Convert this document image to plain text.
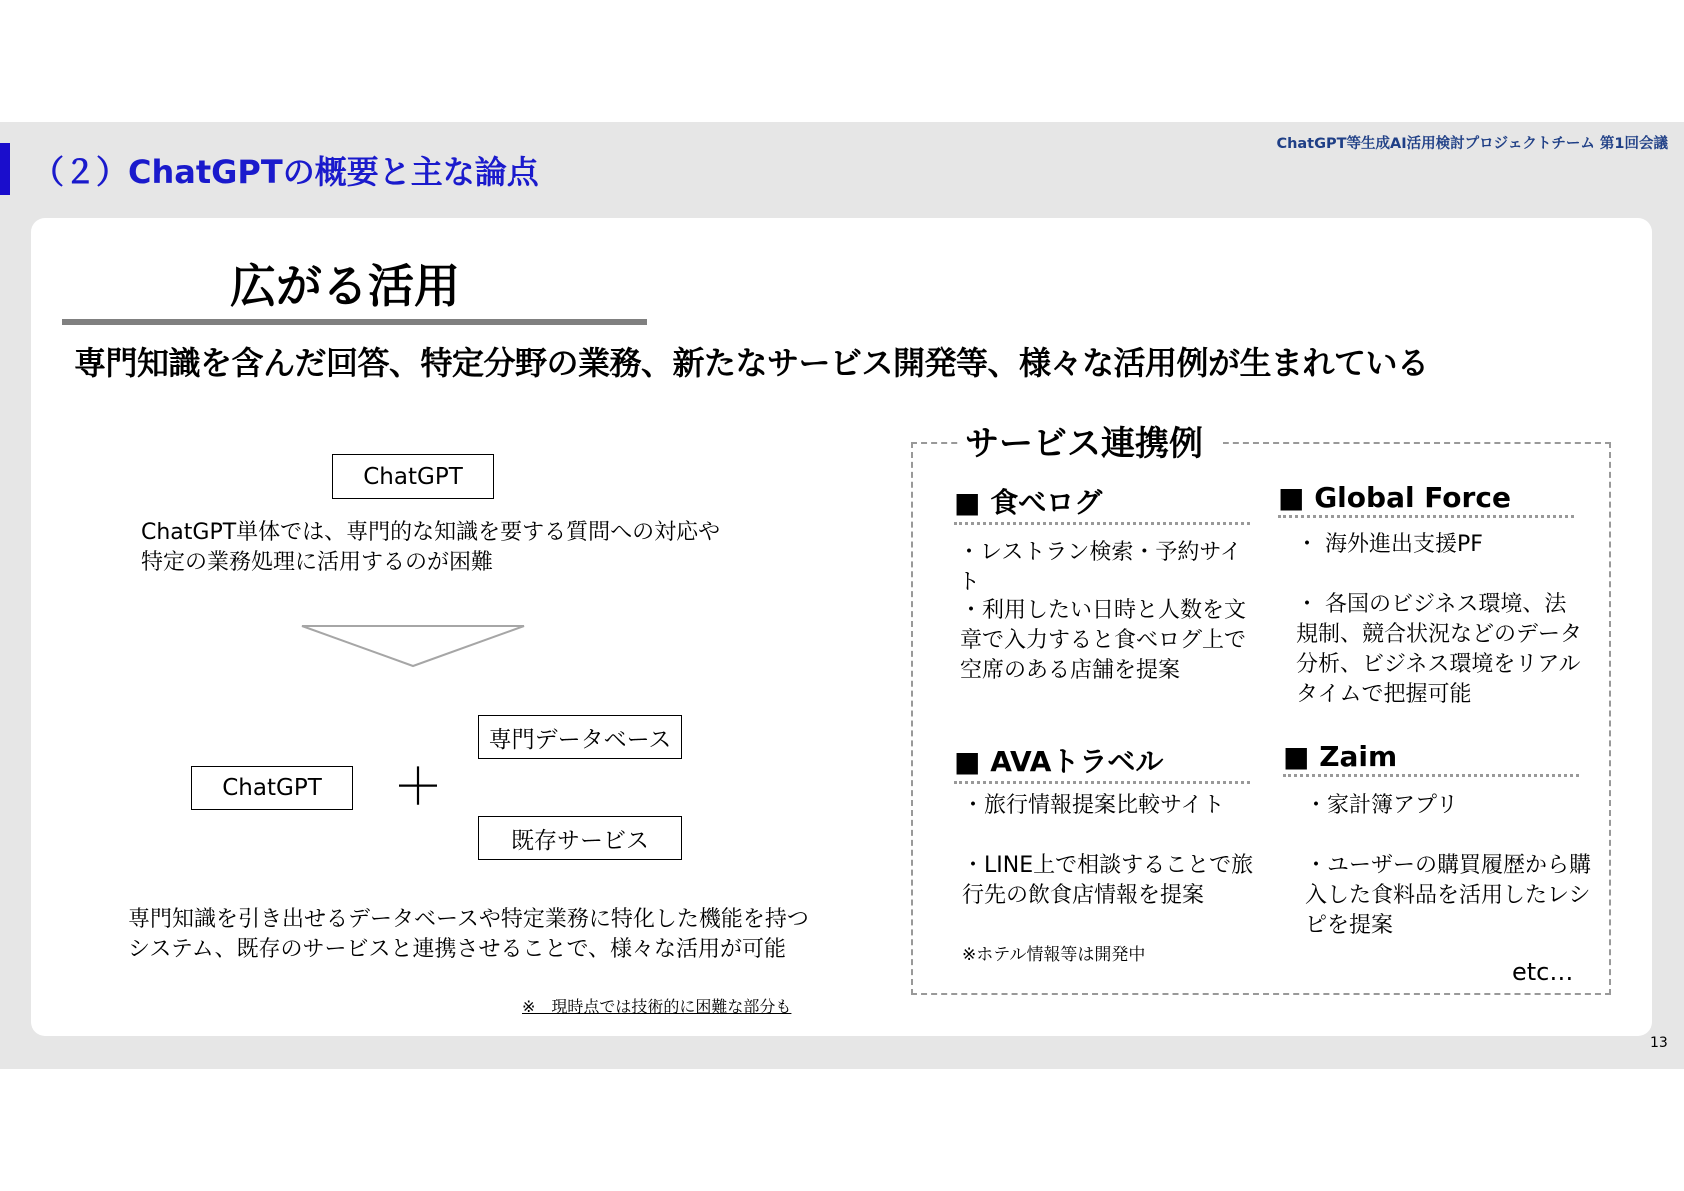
（２）ChatGPTの概要と主な論点
ChatGPT等生成AI活用検討プロジェクトチーム 第1回会議
広がる活用
専門知識を含んだ回答、特定分野の業務、新たなサービス開発等、様々な活用例が生まれている
ChatGPT
ChatGPT単体では、専門的な知識を要する質問への対応や
特定の業務処理に活用するのが困難
ChatGPT	＋
専門データベース
既存サービス
専門知識を引き出せるデータベースや特定業務に特化した機能を持つ
システム、既存のサービスと連携させることで、様々な活用が可能
※　現時点では技術的に困難な部分も
サービス連携例
■ 食べログ
・レストラン検索・予約サイト
・利用したい日時と人数を文章で入力すると食べログ上で空席のある店舗を提案
■ Global Force
・ 海外進出支援PF
・ 各国のビジネス環境、法規制、競合状況などのデータ分析、ビジネス環境をリアルタイムで把握可能
■ AVAトラベル
・旅行情報提案比較サイト
・LINE上で相談することで旅行先の飲食店情報を提案
※ホテル情報等は開発中
■ Zaim
・家計簿アプリ
・ユーザーの購買履歴から購入した食料品を活用したレシピを提案
etc…
13
